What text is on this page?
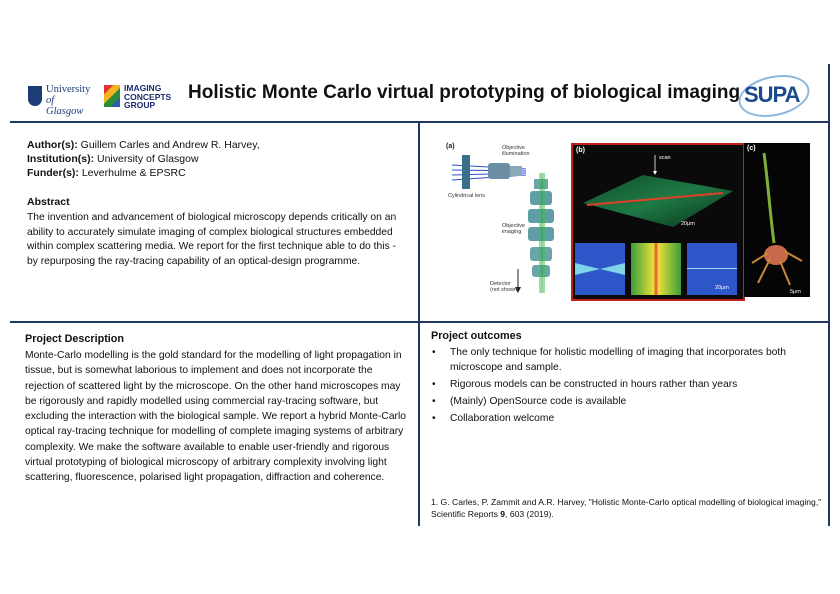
University
of Glasgow
IMAGING
CONCEPTS
GROUP
Holistic Monte Carlo virtual prototyping of biological imaging SUPA
Author(s): Guillem Carles and Andrew R. Harvey,
Institution(s): University of Glasgow
Funder(s): Leverhulme & EPSRC
Abstract
The invention and advancement of biological microscopy depends critically on an ability to accurately simulate imaging of complex biological structures embedded within complex scattering media. We report for the first technique able to do this - by repurposing the ray-tracing capability of an optical-design programme.
(a)	Objective illumination
Cylindrical lens
Objective imaging
Detector (not shown)
(b)
scan
20μm
20μm
(c)
5μm
Project Description
Monte-Carlo modelling is the gold standard for the modelling of light propagation in tissue, but is somewhat laborious to implement and does not incorporate the rejection of scattered light by the microscope. On the other hand microscopes may be rigorously and rapidly modelled using commercial ray-tracing software, but excluding the interaction with the biological sample. We report a hybrid Monte-Carlo optical ray-tracing technique for modelling of complete imaging systems of arbitrary complexity. We make the software available to enable user-friendly and rigorous virtual prototyping of biological microscopy of arbitrary complexity involving light scattering, fluorescence, polarised light propagation, diffraction and coherence.
Project outcomes
• The only technique for holistic modelling of imaging that incorporates both microscope and sample.
• Rigorous models can be constructed in hours rather than years
• (Mainly) OpenSource code is available
• Collaboration welcome
1. G. Carles, P. Zammit and A.R. Harvey, "Holistic Monte-Carlo optical modelling of biological imaging," Scientific Reports 9, 603 (2019).
